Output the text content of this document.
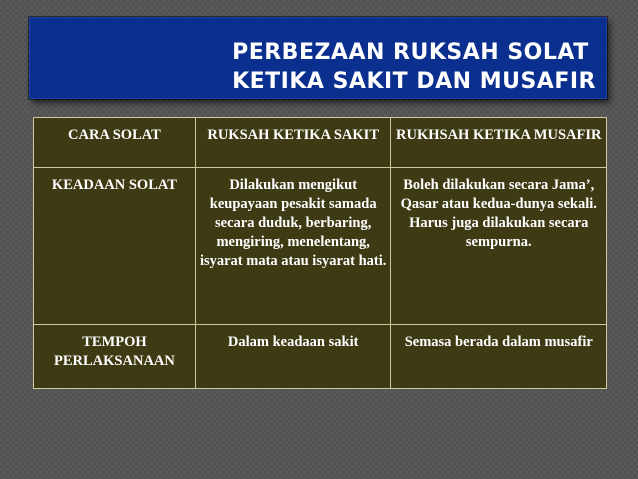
PERBEZAAN RUKSAH SOLAT
KETIKA SAKIT DAN MUSAFIR
CARA SOLAT	RUKSAH KETIKA SAKIT	RUKHSAH KETIKA MUSAFIR
KEADAAN SOLAT	Dilakukan mengikut keupayaan pesakit samada secara duduk, berbaring, mengiring, menelentang, isyarat mata atau isyarat hati.	Boleh dilakukan secara Jama’, Qasar atau kedua-dunya sekali. Harus juga dilakukan secara sempurna.
TEMPOH PERLAKSANAAN	Dalam keadaan sakit	Semasa berada dalam musafir
